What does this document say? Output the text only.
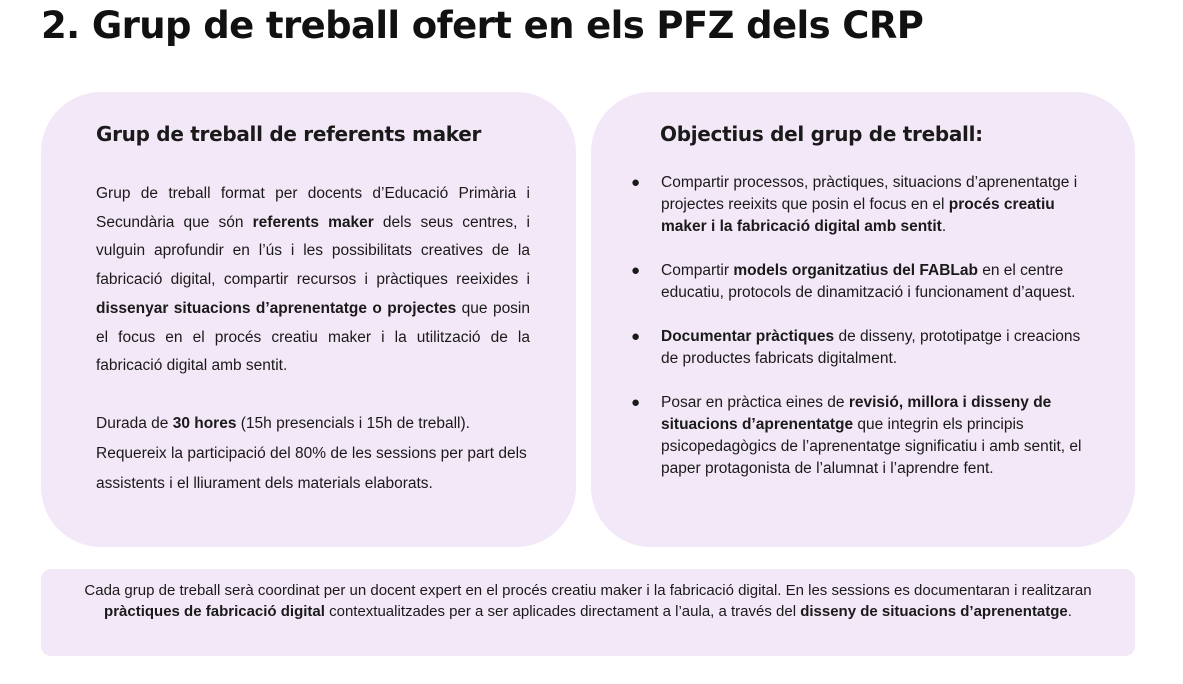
2. Grup de treball ofert en els PFZ dels CRP
Grup de treball de referents maker

Grup de treball format per docents d’Educació Primària i Secundària que són referents maker dels seus centres, i vulguin aprofundir en l’ús i les possibilitats creatives de la fabricació digital, compartir recursos i pràctiques reeixides i dissenyar situacions d’aprenentatge o projectes que posin el focus en el procés creatiu maker i la utilització de la fabricació digital amb sentit.

Durada de 30 hores (15h presencials i 15h de treball). Requereix la participació del 80% de les sessions per part dels assistents i el lliurament dels materials elaborats.

Objectius del grup de treball:
● Compartir processos, pràctiques, situacions d’aprenentatge i projectes reeixits que posin el focus en el procés creatiu maker i la fabricació digital amb sentit.
● Compartir models organitzatius del FABLab en el centre educatiu, protocols de dinamització i funcionament d’aquest.
● Documentar pràctiques de disseny, prototipatge i creacions de productes fabricats digitalment.
● Posar en pràctica eines de revisió, millora i disseny de situacions d’aprenentatge que integrin els principis psicopedagògics de l’aprenentatge significatiu i amb sentit, el paper protagonista de l’alumnat i l’aprendre fent.

Cada grup de treball serà coordinat per un docent expert en el procés creatiu maker i la fabricació digital. En les sessions es documentaran i realitzaran pràctiques de fabricació digital contextualitzades per a ser aplicades directament a l’aula, a través del disseny de situacions d’aprenentatge.
